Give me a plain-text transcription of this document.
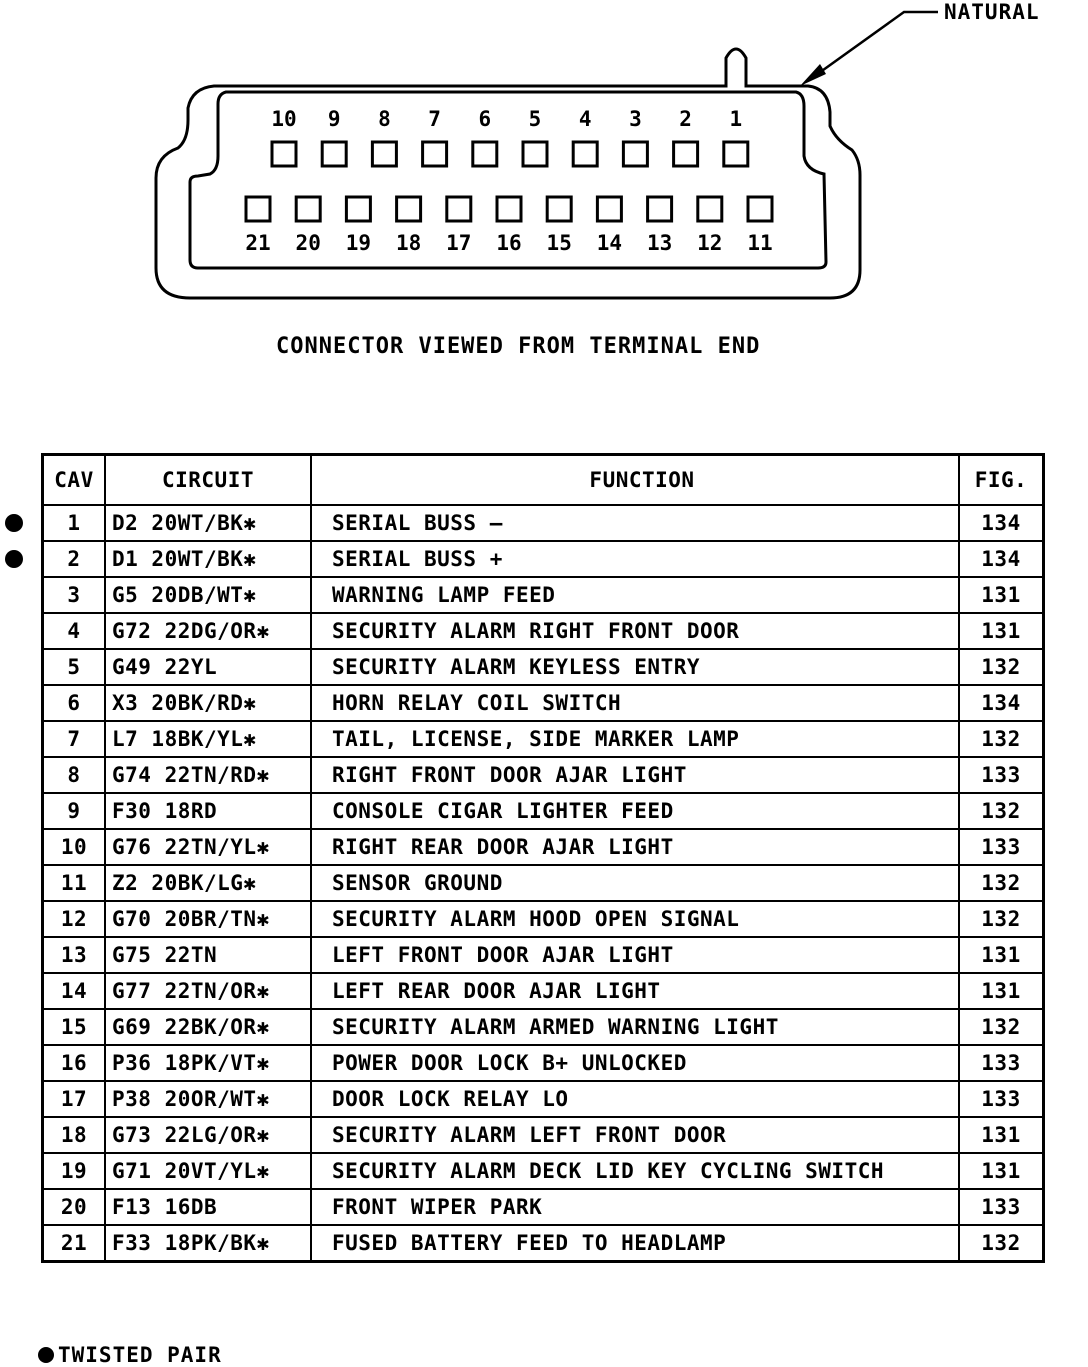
10 9 8 7 6 5 4 3 2 1
21 20 19 18 17 16 15 14 13 12 11
NATURAL
CONNECTOR VIEWED FROM TERMINAL END
CAV	CIRCUIT	FUNCTION	FIG.
1	D2 20WT/BK✱	SERIAL BUSS —	134
2	D1 20WT/BK✱	SERIAL BUSS +	134
3	G5 20DB/WT✱	WARNING LAMP FEED	131
4	G72 22DG/OR✱	SECURITY ALARM RIGHT FRONT DOOR	131
5	G49 22YL	SECURITY ALARM KEYLESS ENTRY	132
6	X3 20BK/RD✱	HORN RELAY COIL SWITCH	134
7	L7 18BK/YL✱	TAIL, LICENSE, SIDE MARKER LAMP	132
8	G74 22TN/RD✱	RIGHT FRONT DOOR AJAR LIGHT	133
9	F30 18RD	CONSOLE CIGAR LIGHTER FEED	132
10	G76 22TN/YL✱	RIGHT REAR DOOR AJAR LIGHT	133
11	Z2 20BK/LG✱	SENSOR GROUND	132
12	G70 20BR/TN✱	SECURITY ALARM HOOD OPEN SIGNAL	132
13	G75 22TN	LEFT FRONT DOOR AJAR LIGHT	131
14	G77 22TN/OR✱	LEFT REAR DOOR AJAR LIGHT	131
15	G69 22BK/OR✱	SECURITY ALARM ARMED WARNING LIGHT	132
16	P36 18PK/VT✱	POWER DOOR LOCK B+ UNLOCKED	133
17	P38 20OR/WT✱	DOOR LOCK RELAY LO	133
18	G73 22LG/OR✱	SECURITY ALARM LEFT FRONT DOOR	131
19	G71 20VT/YL✱	SECURITY ALARM DECK LID KEY CYCLING SWITCH	131
20	F13 16DB	FRONT WIPER PARK	133
21	F33 18PK/BK✱	FUSED BATTERY FEED TO HEADLAMP	132
TWISTED PAIR
